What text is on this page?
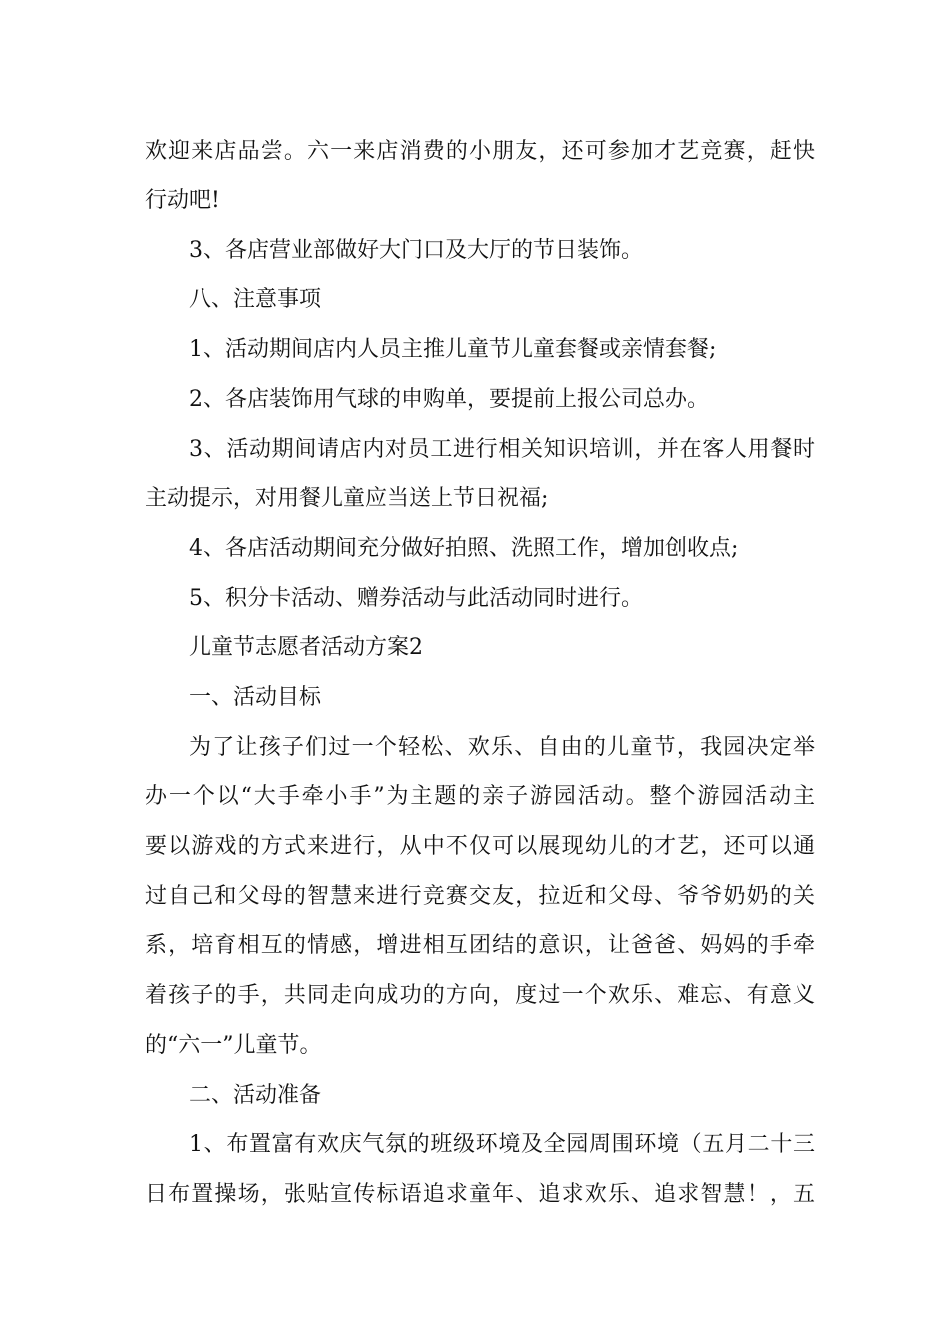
欢迎来店品尝。六一来店消费的小朋友，还可参加才艺竞赛，赶快
行动吧!
3、各店营业部做好大门口及大厅的节日装饰。
八、注意事项
1、活动期间店内人员主推儿童节儿童套餐或亲情套餐;
2、各店装饰用气球的申购单，要提前上报公司总办。
3、活动期间请店内对员工进行相关知识培训，并在客人用餐时
主动提示，对用餐儿童应当送上节日祝福;
4、各店活动期间充分做好拍照、洗照工作，增加创收点;
5、积分卡活动、赠券活动与此活动同时进行。
儿童节志愿者活动方案2
一、活动目标
为了让孩子们过一个轻松、欢乐、自由的儿童节，我园决定举
办一个以“大手牵小手”为主题的亲子游园活动。整个游园活动主
要以游戏的方式来进行，从中不仅可以展现幼儿的才艺，还可以通
过自己和父母的智慧来进行竞赛交友，拉近和父母、爷爷奶奶的关
系，培育相互的情感，增进相互团结的意识，让爸爸、妈妈的手牵
着孩子的手，共同走向成功的方向，度过一个欢乐、难忘、有意义
的“六一”儿童节。
二、活动准备
1、布置富有欢庆气氛的班级环境及全园周围环境（五月二十三
日布置操场，张贴宣传标语追求童年、追求欢乐、追求智慧！，五
